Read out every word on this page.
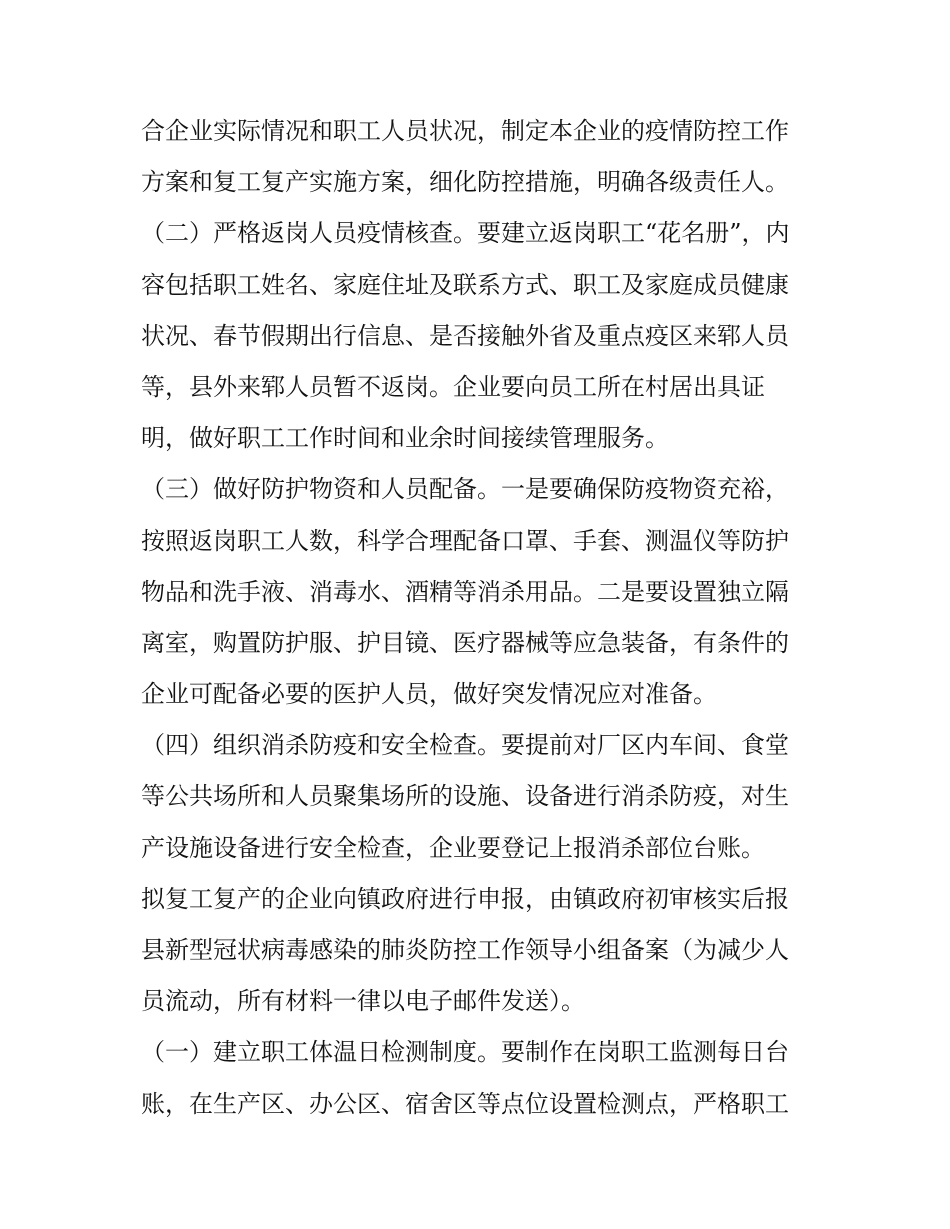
合企业实际情况和职工人员状况，制定本企业的疫情防控工作
方案和复工复产实施方案，细化防控措施，明确各级责任人。
（二）严格返岗人员疫情核查。要建立返岗职工“花名册”，内
容包括职工姓名、家庭住址及联系方式、职工及家庭成员健康
状况、春节假期出行信息、是否接触外省及重点疫区来郓人员
等，县外来郓人员暂不返岗。企业要向员工所在村居出具证
明，做好职工工作时间和业余时间接续管理服务。
（三）做好防护物资和人员配备。一是要确保防疫物资充裕，
按照返岗职工人数，科学合理配备口罩、手套、测温仪等防护
物品和洗手液、消毒水、酒精等消杀用品。二是要设置独立隔
离室，购置防护服、护目镜、医疗器械等应急装备，有条件的
企业可配备必要的医护人员，做好突发情况应对准备。
（四）组织消杀防疫和安全检查。要提前对厂区内车间、食堂
等公共场所和人员聚集场所的设施、设备进行消杀防疫，对生
产设施设备进行安全检查，企业要登记上报消杀部位台账。
拟复工复产的企业向镇政府进行申报，由镇政府初审核实后报
县新型冠状病毒感染的肺炎防控工作领导小组备案（为减少人
员流动，所有材料一律以电子邮件发送）。
（一）建立职工体温日检测制度。要制作在岗职工监测每日台
账，在生产区、办公区、宿舍区等点位设置检测点，严格职工
